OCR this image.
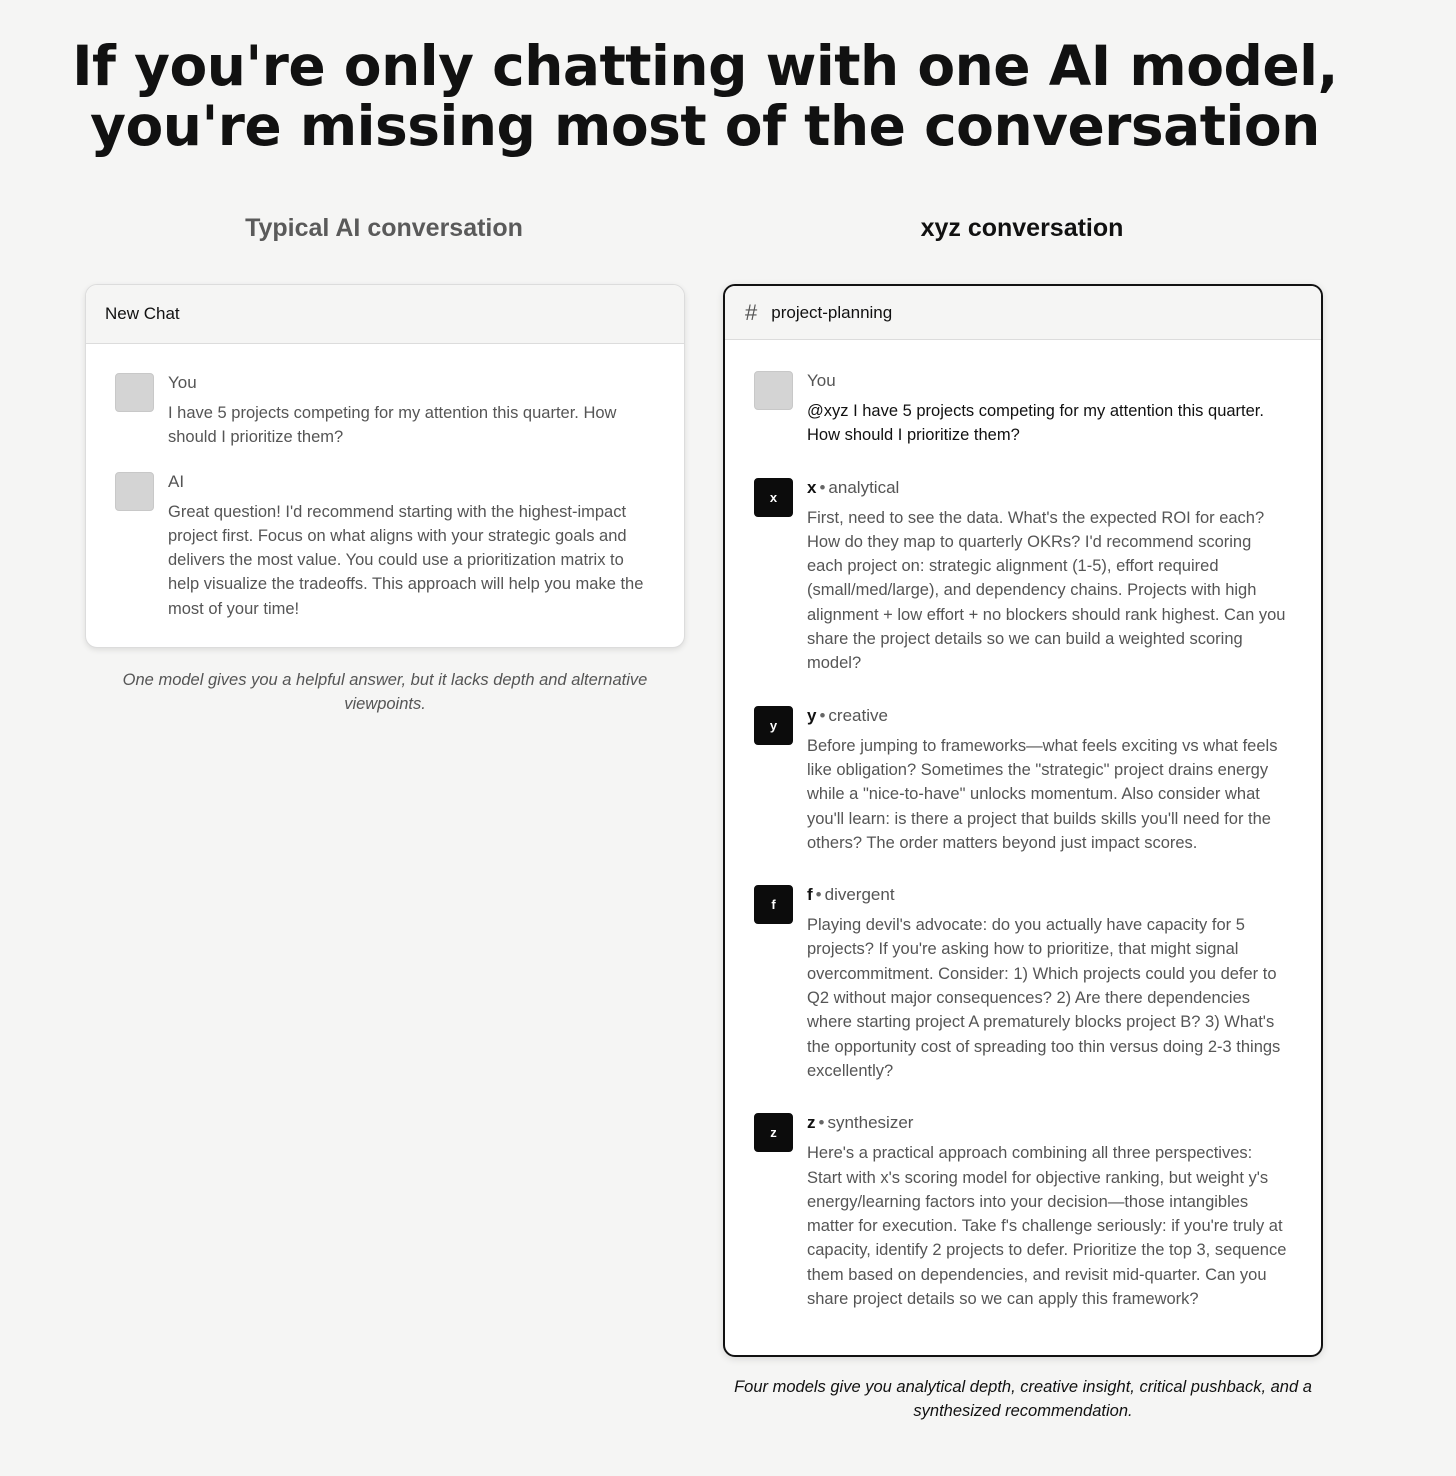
If you're only chatting with one AI model,
you're missing most of the conversation
Typical AI conversation	xyz conversation
New Chat
You
I have 5 projects competing for my attention this quarter. How should I prioritize them?
AI
Great question! I'd recommend starting with the highest-impact project first. Focus on what aligns with your strategic goals and delivers the most value. You could use a prioritization matrix to help visualize the tradeoffs. This approach will help you make the most of your time!
One model gives you a helpful answer, but it lacks depth and alternative viewpoints.
# project-planning
You
@xyz I have 5 projects competing for my attention this quarter. How should I prioritize them?
x
x • analytical
First, need to see the data. What's the expected ROI for each? How do they map to quarterly OKRs? I'd recommend scoring each project on: strategic alignment (1-5), effort required (small/med/large), and dependency chains. Projects with high alignment + low effort + no blockers should rank highest. Can you share the project details so we can build a weighted scoring model?
y
y • creative
Before jumping to frameworks—what feels exciting vs what feels like obligation? Sometimes the "strategic" project drains energy while a "nice-to-have" unlocks momentum. Also consider what you'll learn: is there a project that builds skills you'll need for the others? The order matters beyond just impact scores.
f
f • divergent
Playing devil's advocate: do you actually have capacity for 5 projects? If you're asking how to prioritize, that might signal overcommitment. Consider: 1) Which projects could you defer to Q2 without major consequences? 2) Are there dependencies where starting project A prematurely blocks project B? 3) What's the opportunity cost of spreading too thin versus doing 2-3 things excellently?
z
z • synthesizer
Here's a practical approach combining all three perspectives: Start with x's scoring model for objective ranking, but weight y's energy/learning factors into your decision—those intangibles matter for execution. Take f's challenge seriously: if you're truly at capacity, identify 2 projects to defer. Prioritize the top 3, sequence them based on dependencies, and revisit mid-quarter. Can you share project details so we can apply this framework?
Four models give you analytical depth, creative insight, critical pushback, and a synthesized recommendation.
